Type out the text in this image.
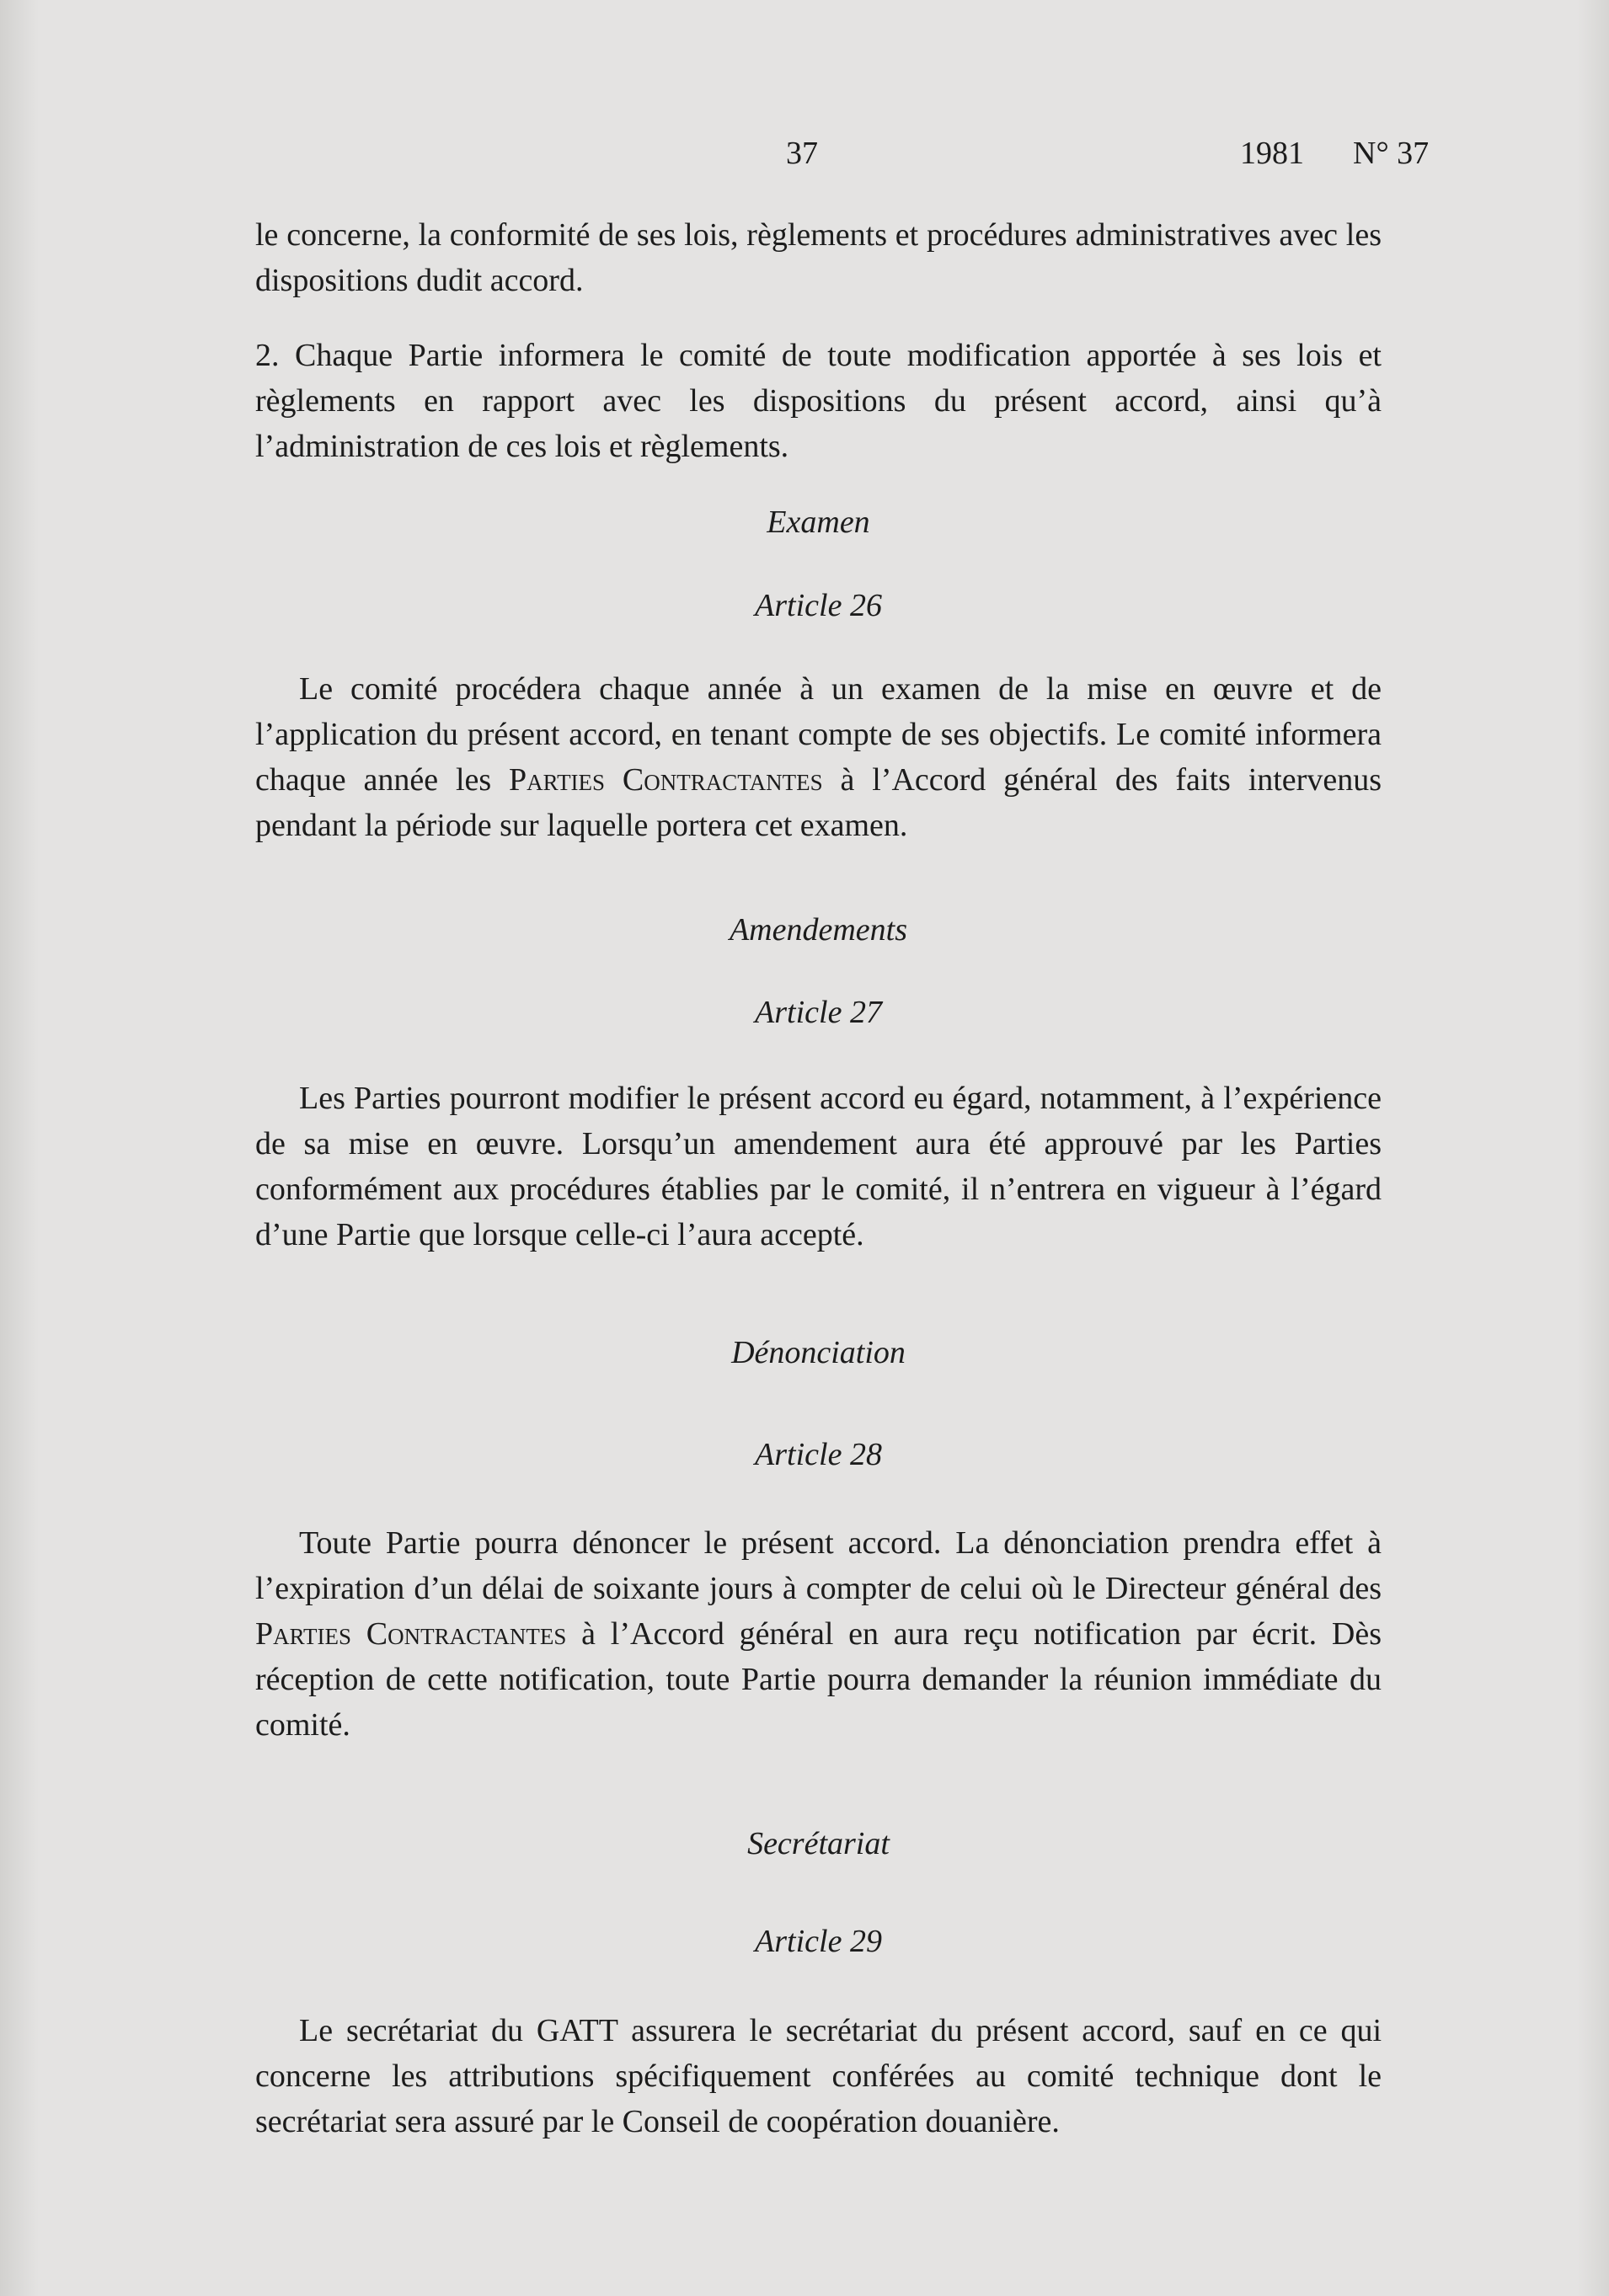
37	1981 N° 37

le concerne, la conformité de ses lois, règlements et procédures administratives avec les dispositions dudit accord.

2. Chaque Partie informera le comité de toute modification apportée à ses lois et règlements en rapport avec les dispositions du présent accord, ainsi qu’à l’administration de ces lois et règlements.

Examen
Article 26

Le comité procédera chaque année à un examen de la mise en œuvre et de l’application du présent accord, en tenant compte de ses objectifs. Le comité informera chaque année les Parties Contractantes à l’Accord général des faits intervenus pendant la période sur laquelle portera cet examen.

Amendements
Article 27

Les Parties pourront modifier le présent accord eu égard, notamment, à l’expérience de sa mise en œuvre. Lorsqu’un amendement aura été approuvé par les Parties conformément aux procédures établies par le comité, il n’entrera en vigueur à l’égard d’une Partie que lorsque celle-ci l’aura accepté.

Dénonciation
Article 28

Toute Partie pourra dénoncer le présent accord. La dénonciation prendra effet à l’expiration d’un délai de soixante jours à compter de celui où le Directeur général des Parties Contractantes à l’Accord général en aura reçu notification par écrit. Dès réception de cette notification, toute Partie pourra demander la réunion immédiate du comité.

Secrétariat
Article 29

Le secrétariat du GATT assurera le secrétariat du présent accord, sauf en ce qui concerne les attributions spécifiquement conférées au comité technique dont le secrétariat sera assuré par le Conseil de coopération douanière.
